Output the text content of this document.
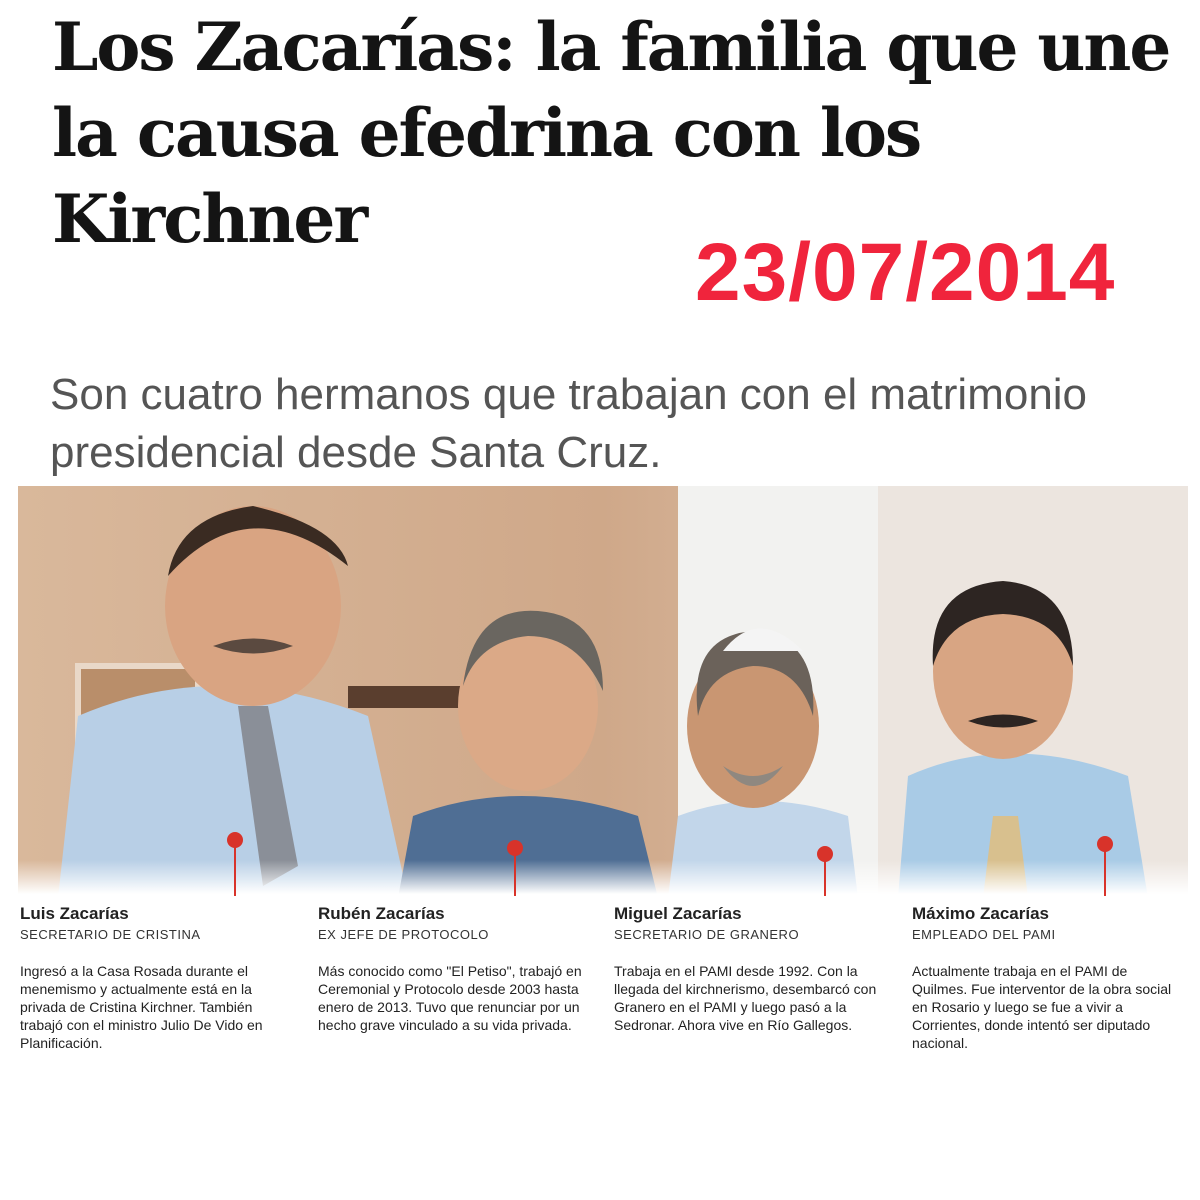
Los Zacarías: la familia que une la causa efedrina con los Kirchner
23/07/2014

Son cuatro hermanos que trabajan con el matrimonio presidencial desde Santa Cruz.

Luis Zacarías
SECRETARIO DE CRISTINA
Ingresó a la Casa Rosada durante el menemismo y actualmente está en la privada de Cristina Kirchner. También trabajó con el ministro Julio De Vido en Planificación.
Rubén Zacarías
EX JEFE DE PROTOCOLO
Más conocido como "El Petiso", trabajó en Ceremonial y Protocolo desde 2003 hasta enero de 2013. Tuvo que renunciar por un hecho grave vinculado a su vida privada.
Miguel Zacarías
SECRETARIO DE GRANERO
Trabaja en el PAMI desde 1992. Con la llegada del kirchnerismo, desembarcó con Granero en el PAMI y luego pasó a la Sedronar. Ahora vive en Río Gallegos.
Máximo Zacarías
EMPLEADO DEL PAMI
Actualmente trabaja en el PAMI de Quilmes. Fue interventor de la obra social en Rosario y luego se fue a vivir a Corrientes, donde intentó ser diputado nacional.
